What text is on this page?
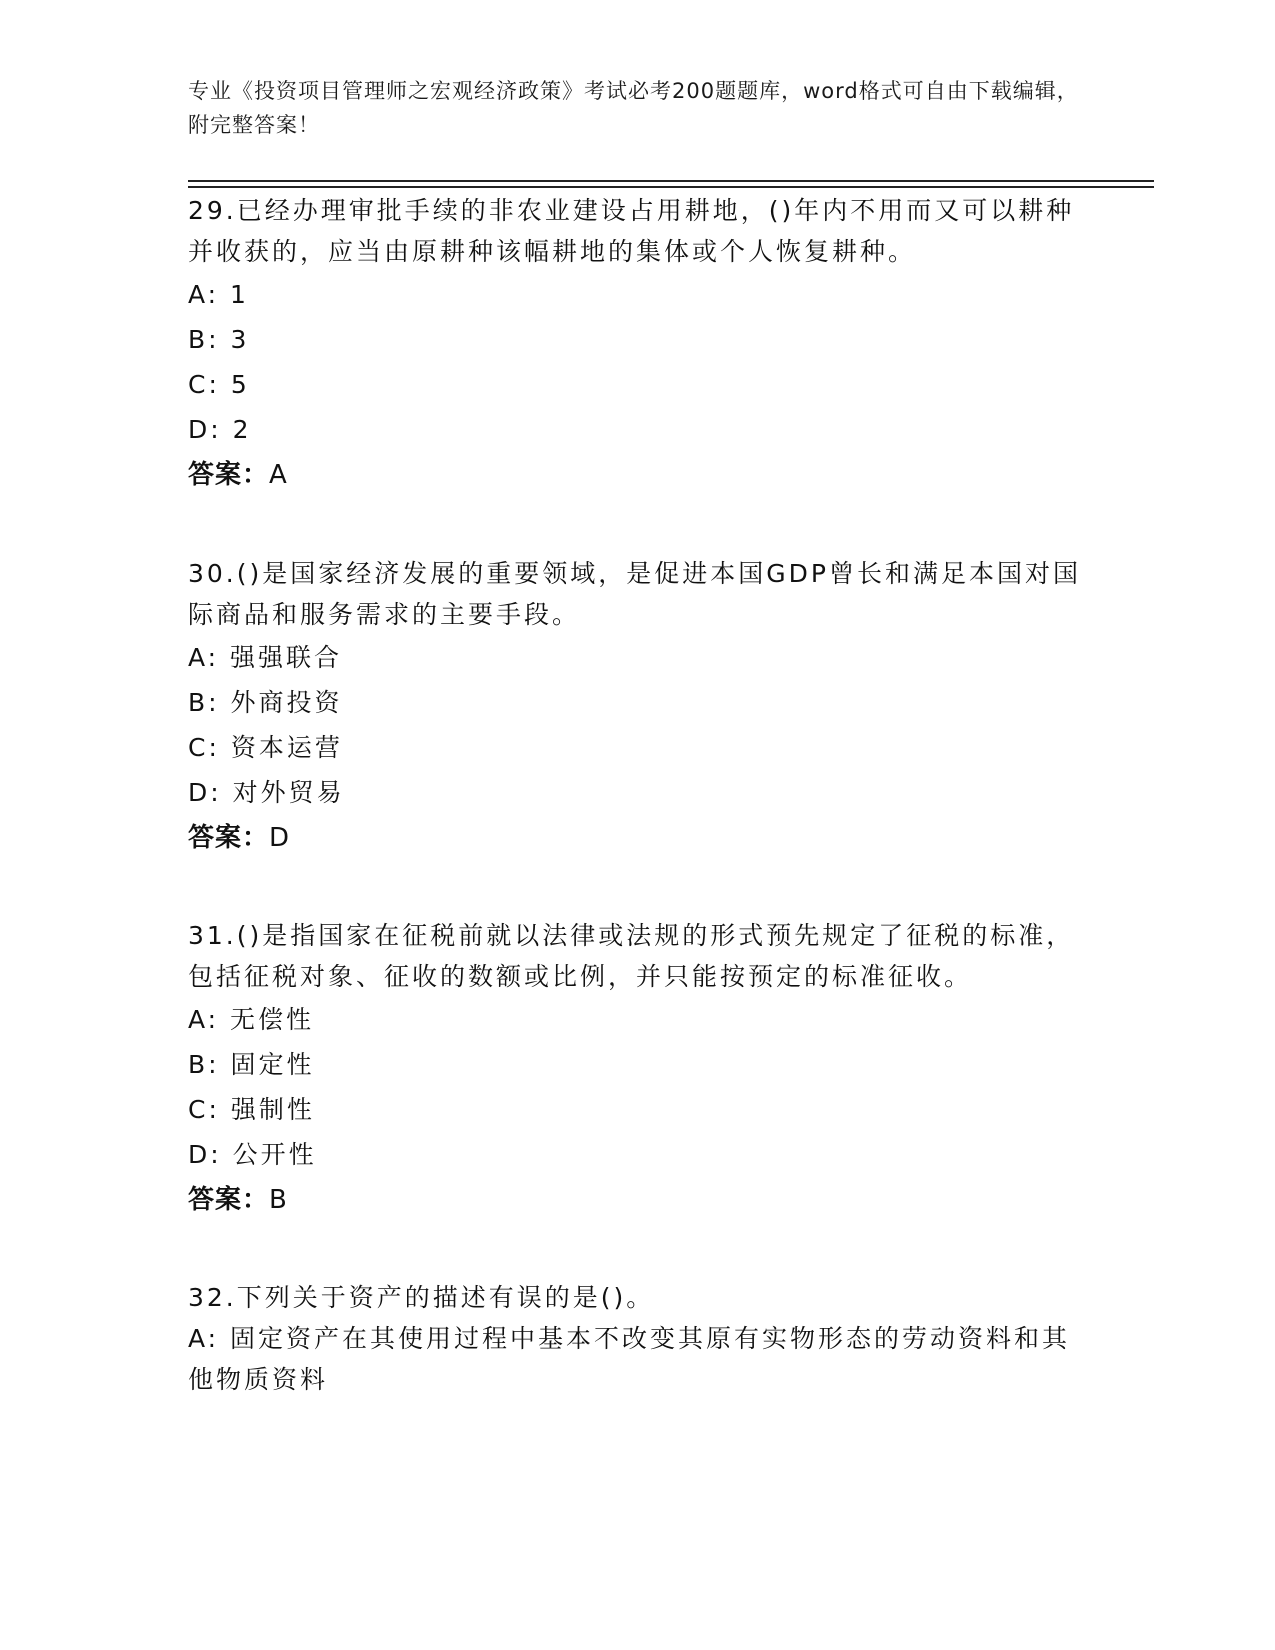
专业《投资项目管理师之宏观经济政策》考试必考200题题库，word格式可自由下载编辑，附完整答案！

29.已经办理审批手续的非农业建设占用耕地，()年内不用而又可以耕种并收获的，应当由原耕种该幅耕地的集体或个人恢复耕种。

A: 1

B: 3

C: 5

D: 2

答案：A

30.()是国家经济发展的重要领域，是促进本国GDP曾长和满足本国对国际商品和服务需求的主要手段。

A: 强强联合

B: 外商投资

C: 资本运营

D: 对外贸易

答案：D

31.()是指国家在征税前就以法律或法规的形式预先规定了征税的标准，包括征税对象、征收的数额或比例，并只能按预定的标准征收。

A: 无偿性

B: 固定性

C: 强制性

D: 公开性

答案：B

32.下列关于资产的描述有误的是()。

A: 固定资产在其使用过程中基本不改变其原有实物形态的劳动资料和其他物质资料
